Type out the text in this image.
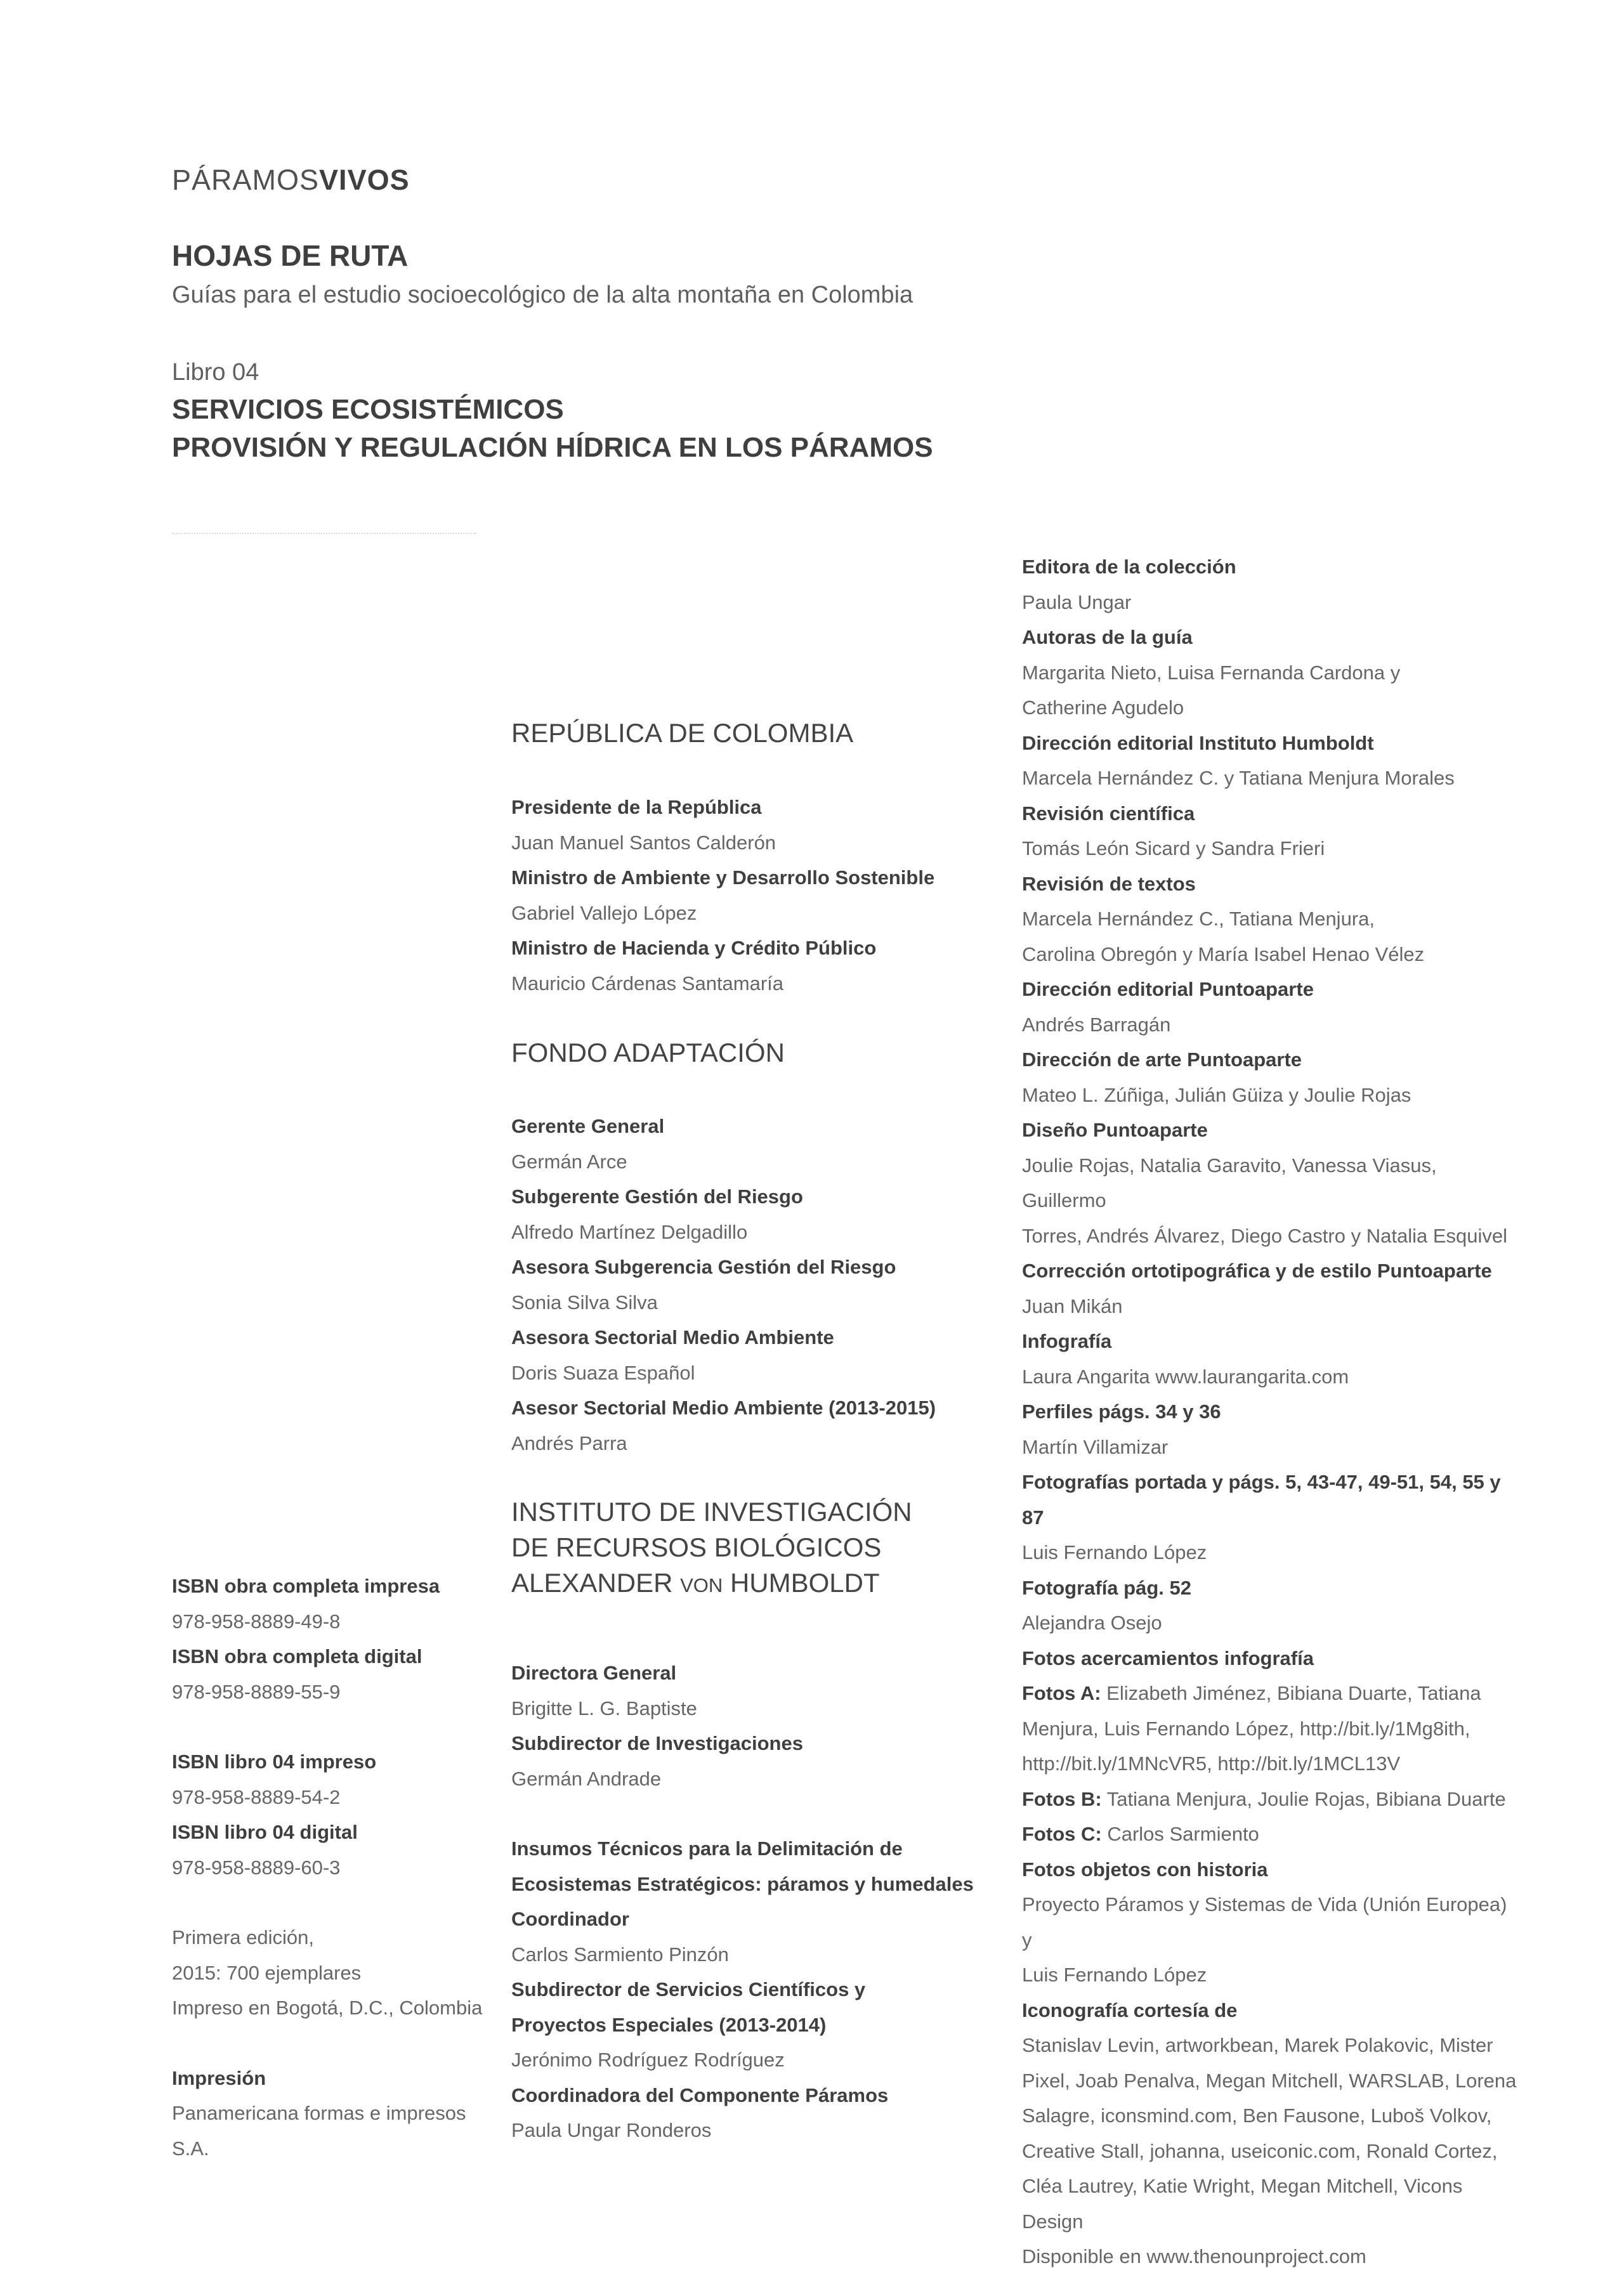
PÁRAMOSVIVOS
HOJAS DE RUTA
Guías para el estudio socioecológico de la alta montaña en Colombia
Libro 04
SERVICIOS ECOSISTÉMICOS
PROVISIÓN Y REGULACIÓN HÍDRICA EN LOS PÁRAMOS
ISBN obra completa impresa
978-958-8889-49-8
ISBN obra completa digital
978-958-8889-55-9
ISBN libro 04 impreso
978-958-8889-54-2
ISBN libro 04 digital
978-958-8889-60-3
Primera edición,
2015: 700 ejemplares
Impreso en Bogotá, D.C., Colombia
Impresión
Panamericana formas e impresos S.A.
REPÚBLICA DE COLOMBIA
Presidente de la República
Juan Manuel Santos Calderón
Ministro de Ambiente y Desarrollo Sostenible
Gabriel Vallejo López
Ministro de Hacienda y Crédito Público
Mauricio Cárdenas Santamaría
FONDO ADAPTACIÓN
Gerente General
Germán Arce
Subgerente Gestión del Riesgo
Alfredo Martínez Delgadillo
Asesora Subgerencia Gestión del Riesgo
Sonia Silva Silva
Asesora Sectorial Medio Ambiente
Doris Suaza Español
Asesor Sectorial Medio Ambiente (2013-2015)
Andrés Parra
INSTITUTO DE INVESTIGACIÓN
DE RECURSOS BIOLÓGICOS
ALEXANDER VON HUMBOLDT
Directora General
Brigitte L. G. Baptiste
Subdirector de Investigaciones
Germán Andrade
Insumos Técnicos para la Delimitación de
Ecosistemas Estratégicos: páramos y humedales
Coordinador
Carlos Sarmiento Pinzón
Subdirector de Servicios Científicos y
Proyectos Especiales (2013-2014)
Jerónimo Rodríguez Rodríguez
Coordinadora del Componente Páramos
Paula Ungar Ronderos
Editora de la colección
Paula Ungar
Autoras de la guía
Margarita Nieto, Luisa Fernanda Cardona y
Catherine Agudelo
Dirección editorial Instituto Humboldt
Marcela Hernández C. y Tatiana Menjura Morales
Revisión científica
Tomás León Sicard y Sandra Frieri
Revisión de textos
Marcela Hernández C., Tatiana Menjura,
Carolina Obregón y María Isabel Henao Vélez
Dirección editorial Puntoaparte
Andrés Barragán
Dirección de arte Puntoaparte
Mateo L. Zúñiga, Julián Güiza y Joulie Rojas
Diseño Puntoaparte
Joulie Rojas, Natalia Garavito, Vanessa Viasus, Guillermo
Torres, Andrés Álvarez, Diego Castro y Natalia Esquivel
Corrección ortotipográfica y de estilo Puntoaparte
Juan Mikán
Infografía
Laura Angarita www.laurangarita.com
Perfiles págs. 34 y 36
Martín Villamizar
Fotografías portada y págs. 5, 43-47, 49-51, 54, 55 y 87
Luis Fernando López
Fotografía pág. 52
Alejandra Osejo
Fotos acercamientos infografía
Fotos A: Elizabeth Jiménez, Bibiana Duarte, Tatiana
Menjura, Luis Fernando López, http://bit.ly/1Mg8ith,
http://bit.ly/1MNcVR5, http://bit.ly/1MCL13V
Fotos B: Tatiana Menjura, Joulie Rojas, Bibiana Duarte
Fotos C: Carlos Sarmiento
Fotos objetos con historia
Proyecto Páramos y Sistemas de Vida (Unión Europea) y
Luis Fernando López
Iconografía cortesía de
Stanislav Levin, artworkbean, Marek Polakovic, Mister
Pixel, Joab Penalva, Megan Mitchell, WARSLAB, Lorena
Salagre, iconsmind.com, Ben Fausone, Luboš Volkov,
Creative Stall, johanna, useiconic.com, Ronald Cortez,
Cléa Lautrey, Katie Wright, Megan Mitchell, Vicons Design
Disponible en www.thenounproject.com
